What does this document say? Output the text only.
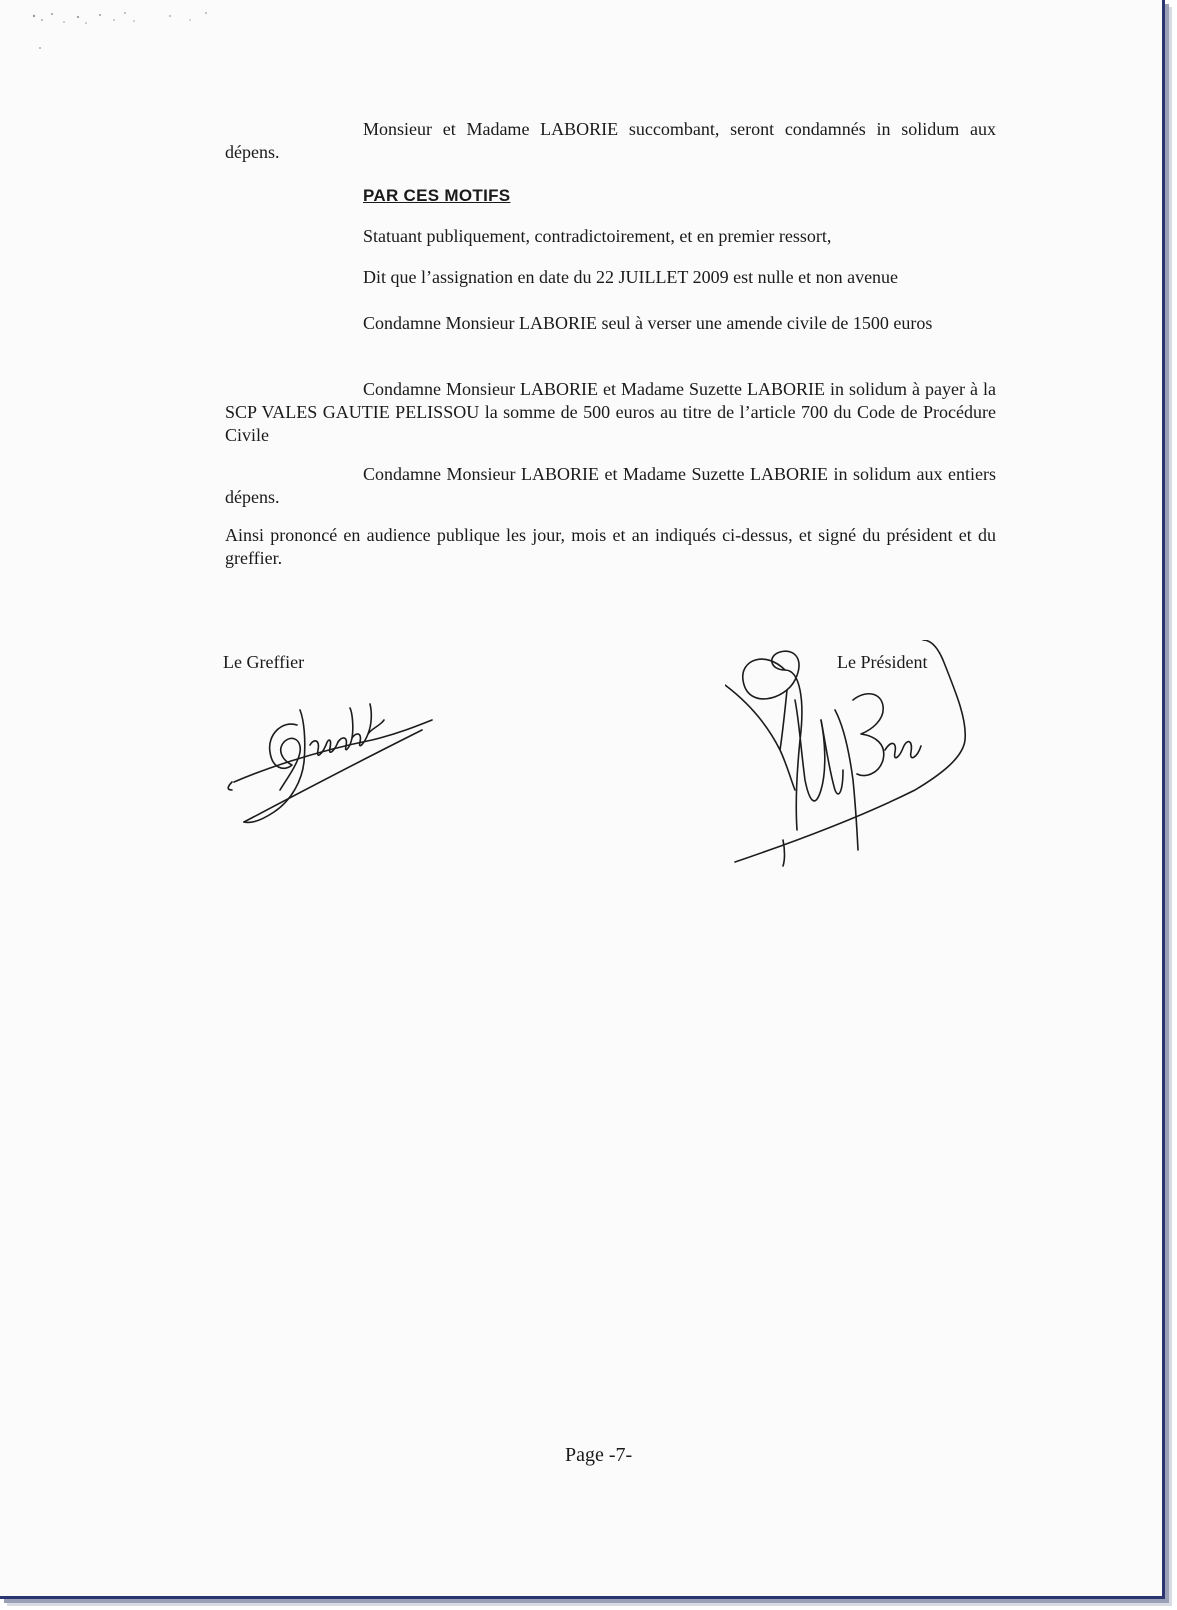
Monsieur et Madame LABORIE succombant, seront condamnés in solidum aux dépens.

PAR CES MOTIFS

Statuant publiquement, contradictoirement, et en premier ressort,

Dit que l’assignation en date du 22 JUILLET 2009 est nulle et non avenue

Condamne Monsieur LABORIE seul à verser une amende civile de 1500 euros

Condamne Monsieur LABORIE et Madame Suzette LABORIE in solidum à payer à la SCP VALES GAUTIE PELISSOU la somme de 500 euros au titre de l’article 700 du Code de Procédure Civile

Condamne Monsieur LABORIE et Madame Suzette LABORIE in solidum aux entiers dépens.

Ainsi prononcé en audience publique les jour, mois et an indiqués ci-dessus, et signé du président et du greffier.

Le Greffier	Le Président
Page -7-
